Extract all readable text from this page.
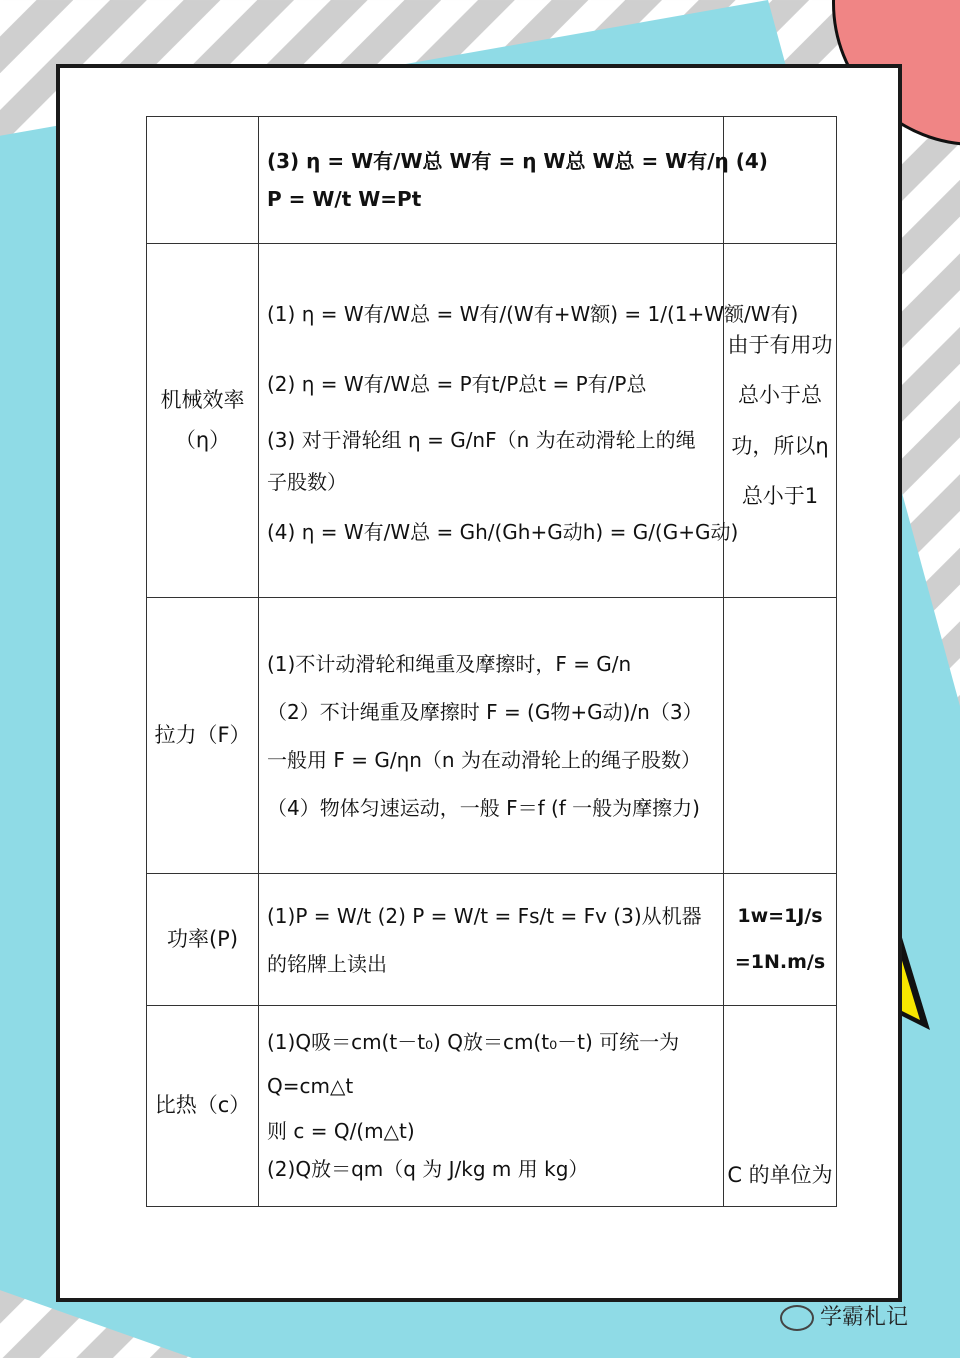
	(3) η = W有/W总 W有 = η W总 W总 = W有/η (4)
P = W/t W=Pt	

机械效率（η）	(1) η = W有/W总 = W有/(W有+W额) = 1/(1+W额/W有)
(2) η = W有/W总 = P有t/P总t = P有/P总
(3) 对于滑轮组 η = G/nF（n 为在动滑轮上的绳子股数）
(4) η = W有/W总 = Gh/(Gh+G动h) = G/(G+G动)	由于有用功总小于总功，所以η总小于1
拉力（F）	(1)不计动滑轮和绳重及摩擦时，F = G/n
（2）不计绳重及摩擦时 F = (G物+G动)/n（3）一般用 F = G/ηn（n 为在动滑轮上的绳子股数）（4）物体匀速运动，一般 F＝f (f 一般为摩擦力)	

功率(P)	(1)P = W/t (2) P = W/t = Fs/t = Fv (3)从机器的铭牌上读出	1w=1J/s =1N.m/s
比热（c）	(1)Q吸＝cm(t－t₀) Q放＝cm(t₀－t) 可统一为 Q=cm△t
则 c = Q/(m△t)
(2)Q放＝qm（q 为 J/kg m 用 kg）	C 的单位为
学霸札记
